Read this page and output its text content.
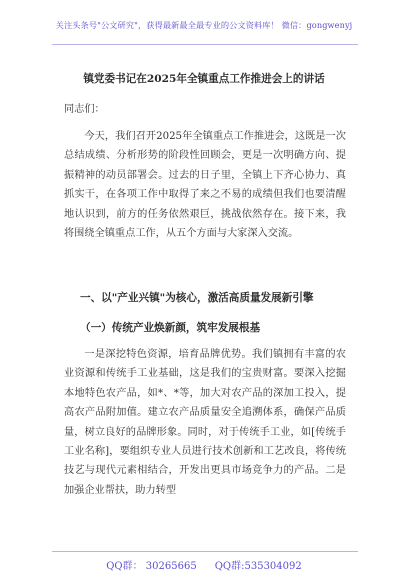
关注头条号"公文研究"，获得最新最全最专业的公文资料库！ 微信：gongwenyj
镇党委书记在2025年全镇重点工作推进会上的讲话
同志们：

今天，我们召开2025年全镇重点工作推进会，这既是一次总结成绩、分析形势的阶段性回顾会，更是一次明确方向、提振精神的动员部署会。过去的日子里，全镇上下齐心协力、真抓实干，在各项工作中取得了来之不易的成绩但我们也要清醒地认识到，前方的任务依然艰巨，挑战依然存在。接下来，我将围绕全镇重点工作，从五个方面与大家深入交流。

一、以"产业兴镇"为核心，激活高质量发展新引擎
（一）传统产业焕新颜，筑牢发展根基

一是深挖特色资源，培育品牌优势。我们镇拥有丰富的农业资源和传统手工业基础，这是我们的宝贵财富。要深入挖掘本地特色农产品，如*、*等，加大对农产品的深加工投入，提高农产品附加值。建立农产品质量安全追溯体系，确保产品质量，树立良好的品牌形象。同时，对于传统手工业，如[传统手工业名称]，要组织专业人员进行技术创新和工艺改良，将传统技艺与现代元素相结合，开发出更具市场竞争力的产品。二是加强企业帮扶，助力转型

QQ群： 30265665 QQ群:535304092
